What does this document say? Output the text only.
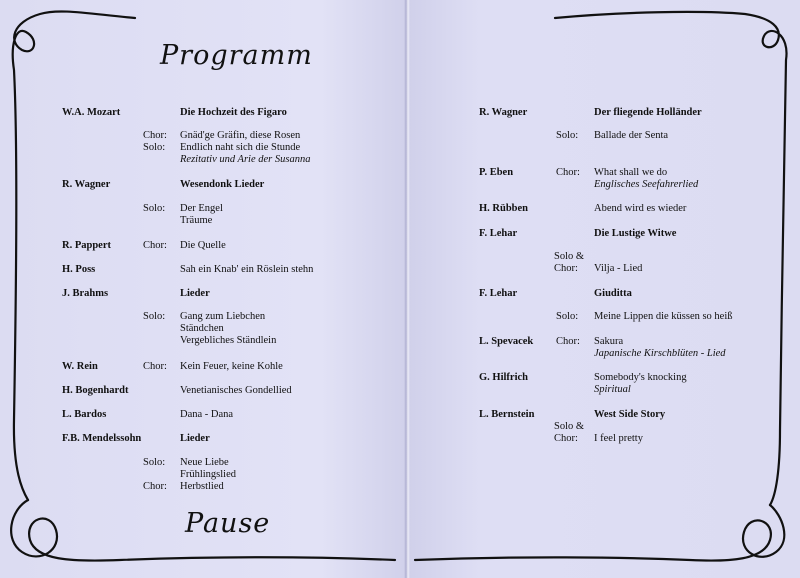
Programm
Pause
W.A. Mozart	Die Hochzeit des Figaro
Chor: Gnäd'ge Gräfin, diese Rosen
Solo: Endlich naht sich die Stunde
Rezitativ und Arie der Susanna
R. Wagner	Wesendonk Lieder
Solo: Der Engel
Träume
R. Pappert	Chor: Die Quelle
H. Poss	Sah ein Knab' ein Röslein stehn
J. Brahms	Lieder
Solo: Gang zum Liebchen
Ständchen
Vergebliches Ständlein
W. Rein	Chor: Kein Feuer, keine Kohle
H. Bogenhardt	Venetianisches Gondellied
L. Bardos	Dana - Dana
F.B. Mendelssohn	Lieder
Solo: Neue Liebe
Frühlingslied
Chor: Herbstlied
R. Wagner	Der fliegende Holländer
Solo: Ballade der Senta
P. Eben	Chor: What shall we do
Englisches Seefahrerlied
H. Rübben	Abend wird es wieder
F. Lehar	Die Lustige Witwe
Solo &
Chor: Vilja - Lied
F. Lehar	Giuditta
Solo: Meine Lippen die küssen so heiß
L. Spevacek Chor: Sakura
Japanische Kirschblüten - Lied
G. Hilfrich	Somebody's knocking
Spiritual
L. Bernstein	West Side Story
Solo &
Chor: I feel pretty
